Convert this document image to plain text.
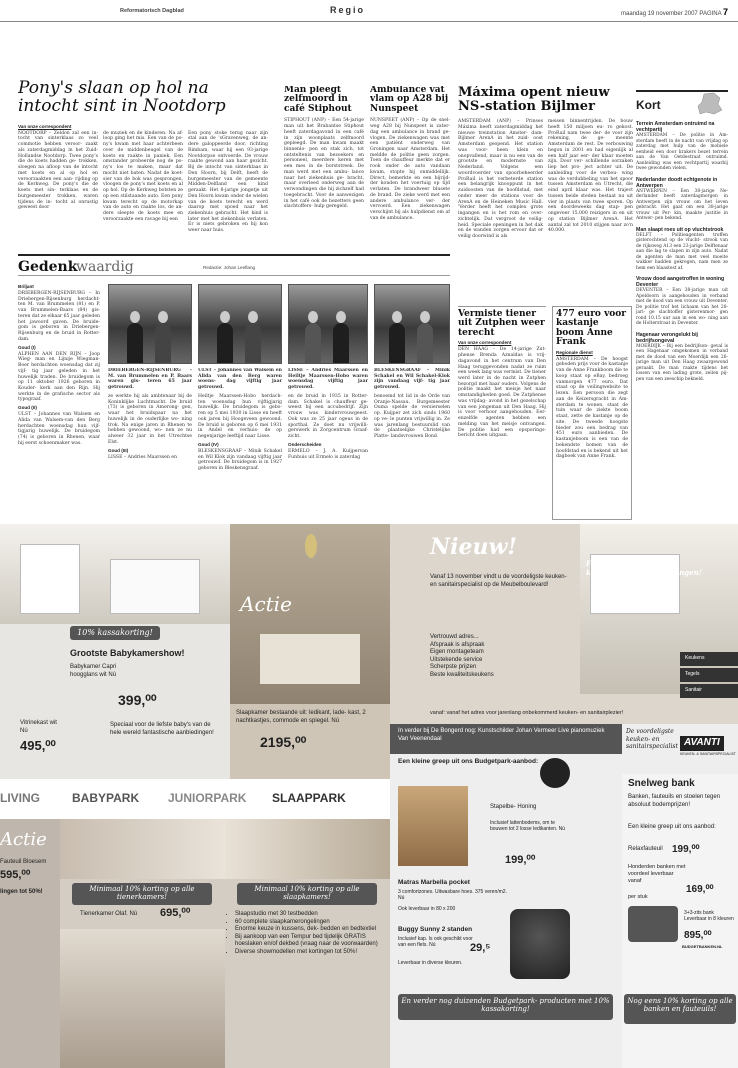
Reformatorisch Dagblad	Regio	maandag 19 november 2007 PAGINA 7
Pony's slaan op hol na intocht sint in Nootdorp
Van onze correspondent

NOOTDORP – Zeldon zal een in- tocht van sinterklaas zo veel commotie hebben veroor- zaakt als zaterdagmiddag in het Zuid-Hollandse Nootdorp. Twee pony's die de koets hadden ge- trokken, sloegen na afloop van de intocht met koets en al op hol en veroorzaakten een aan- rijding op de Kerkweg. De pony's die de koets met sin- terklaas en de burgemeester trokken, waren tijdens de in- tocht al onrustig geweest door

de muziek en de kinderen. Na af- loop ging het mis. Een van de po- ny's kwam met haar achterbeen over de middenbeugel van de koets en raakte in paniek. Een omstander probeerde nog de po- ny's los te maken, maar dat mocht niet baten. Nadat de koet- sier van de bok was gesprongen, vloogen de pony's met koets en al op hol. Op de Kerkweg botsten ze op een stilstaande auto. Een pony kwam terecht op de motorkap van de auto en raakte los, de an- dere sleepte de koets mee en veroorzaakte een ravage bij een

Een pony stoke terug naar zijn stal aan de 'sGravenweg, de an- dere galoppeerde door, richting Rimbam, waar hij een 93-jarige Nootdorpse ontvoerde. De vrouw raakte gewond aan haar gezicht. Bij de intocht van sinterklaas in Den Hoorn, bij Delft, heeft de burgemeester van de gemeente Midden-Delfland een kind geraakt. Het 8-jarige jongetje uit Den Hoorn kwam onder de wielen van de koets terecht en werd daarop met spoed naar het ziekenhuis gebracht. Het kind is later met het ziekenhuis verlaten. Er is niets gebroken en hij kon weer naar huis.

Man pleegt zelfmoord in café Stiphout

STIPHOUT (ANP) – Een 54-jarige man uit het Brabantse Stiphout heeft zaterdagavond in een café in zijn woonplaats zelfmoord gepleegd. De man kwam maakt binnenlo- pen en stak zich, tot ontsteltenis van bezoekers en personeel, meerdere keren met een mes in de borststreek. De man werd met een ambu- lance naar het ziekenhuis ge- bracht, maar overleed onderweg aan de verwondingen die hij zichzelf had toegebracht. Voor de aanwezigen in het café ook de bezetters geen slachtoffers- hulp geregeld.

Ambulance vat vlam op A28 bij Nunspeet

NUNSPEET (ANP) – Op de snel- weg A28 bij Nunspeet is zater- dag een ambulance in brand ge- vlogen. De ziekenwagen was met een patiënt onderweg van Groningen naar Amsterdam. Het meldde de politie geen zorgen. Toen de chauffeur merkte dat er rook onder de auto vandaan kwam, stopte hij onmiddellijk. Direct, bemerkte en een bijrijd- der konden het voertuig op tijd verlaten. De brandweer blusete de brand. De zieke werd met een andere ambulance ver- der vervoerd. Een ziekenwagen verschijnt bij als hulpdienst om af van de ambulance.

Máxima opent nieuw NS-station Bijlmer

AMSTERDAM (ANP) – Prinses Máxima heeft zaterdagmiddag het nieuwe treinstation Amster- dam-Bijlmer ArenA in het zuid- oost Amsterdam geopend. Het station was voor- heen klein en onopvallend, maar is nu een van de grootste en modernste van Nederland. Volgens een woordvoerder van spoorbeheerder ProRail is het verbeterde station een belangrijk knooppunt in het zuidoosten van de hoofdstad, met onder meer de stations voor de ArenA en de Heineken Music Hall. 'Verder heeft het complex grote ingangen en is het rom en over- zichtelijk. Dat vergroot de veilig- heid. Speciale openingen in het dak en de wanden zorgen ervoor dat er veilig doorwind is als

meisen binnentrijden. De bouw heeft 150 miljoen eu- ro gekost. ProRail nam twee der- de voor zijn rekening, de ge- meente Amsterdam de rest. De verbouwing begon in 2001 en had eigenlijk al een half jaar eer- der klaar moeten zijn. Door ver- schillende oorzaken liep het pro- ject achter uit. De aanleiding voor de verbou- wing was de verdubbeling van het spoor tussen Amsterdam en Utrecht, die eind april klaar was. Het traject tussen beide steden bestaat nu uit vier in plaats van twee sporen. Op een doordeweeks dag stap- pen ongeveer 15.000 reizigers in en uit op station Bijlmer ArenA. Het aantal zal tot 2010 stijgen naar zo'n 40.000.

Gedenk
waardig	Redactie: Johan Leeflang
Briljant

DRIEBERGEN-RIJSENBURG – In Driebergen-Rijsenburg herdacht- ten M. van Brummelen (81) en P. van Brummelen-Baars (84) gis- teren dat ze elkaar 65 jaar geleden het jawoord gaven. De bruide- gom is geboren in Driebergen- Rijsenburg en de bruid in Rotter- dam.

Goud (I)

ALPHEN AAN DEN RIJN – Joop Wieg- man en Lijnije Wiegman-Boer herdachten woensdag dat zij vijf- tig jaar geleden in het huwelijk traden. De bruidegom is op 11 oktober 1926 geboren in Kouder- kerk aan den Rijn. Hij werkte in de grafische sector als typograaf.

Goud (II)

ULST – Johannes van Walsem en Alida van Walsem-van den Berg herdachten woensdag hun vijf- tigjarig huwelijk. De bruidegom (74) is geboren in Rhenen, waar hij eerst schoenmaker was.

DRIEBERGEN-RIJSENBURG – M. van Brummelen en P. Baars waren gis- teren 65 jaar getrouwd.

ze werkte hij als ambtenaar bij de Koninklijke Luchtmacht. De bruid (73) is geboren in Amerong- gen, waar het bruidspaar na het huwelijk in de ouderlijke wo- ning trok. Na enige jaren in Rhenen te hebben gewoond, wo- nen ze nu alweer 32 jaar in het Utrechtse Elst.

Goud (III)

LISSE – Andries Maarssen en

ULST – Johannes van Walsem en Alida van den Berg waren woens- dag vijftig jaar getrouwd.

Heiltje Maarssen-Hobo herdach- ten woensdag hun vijftigjarig huwelijk. De bruidegom is gebo- ren op 5 mei 1930 in Lisse en heeft ook jaren bij Hoogeveen gewoond. De bruid is geboren op 6 mei 1931 in Andel en verhuis- de op negenjarige leeftijd naar Lisse.

Goud (IV)

BLESKENSGRAAF – Minik Schakel en Wil Klok zijn vandaag vijftig jaar getrouwd. De bruidegom is in 1927 geboren in Bleskensgraaf.

LISSE – Andries Maarssen en Heiltje Maarssen-Hobo waren woensdag vijftig jaar getrouwd.

en de bruid in 1935 in Rotter- dam. Schakel is chauffeur ge- weest bij een accubedrijf. Zijn vrouw was kindervrouwgeest. Ook was ze 25 jaar ogeus in de sporthal. Ze doet nu vrijwilli- gerswerk in Zorgcentrum Graaf- zicht.

Onderscheiden

ERMELO – J. A. Kuijpervan Funhuis uit Ermelo is zaterdag

BLESKENSGRAAF – Minik Schakel en Wil Schakel-Klok zijn vandaag vijf- tig jaar getrouwd.

benoemd tot lid in de Orde van Oranje-Nassau. Burgemeester Ouma spelde de versierselen op. Kuijper zet zich sinds 1960 op ve- le punten vrijwillig in. Ze was jarenlang bestuurslid van de plaatselijke Christelijke Platte- landsvrouwen Bond.

Vermiste tiener uit Zutphen weer terecht
Van onze correspondent

DEN HAAG – De 14-jarige Zut- phense Brenda Aznaldas is vrij- dagavond in het centrum van Den Haag teruggevonden nadat ze ruim een week lang was vermist. De tiener werd later in de nacht in Zutphen bezorgd met haar ouders. Volgens de politie maakt het meisje het naar omstandigheden goed. De Zutphense was vrijdag- avond in het gezelschap van een jongeman uit Den Haag. Hij is voor verhoor aangehouden. Eer- enzelfde agenten hebben een melding van het meisje ontvangen. De politie had een opsporings- bericht doen uitgaan.

477 euro voor kastanje boom Anne Frank
Regionale dienst

AMSTERDAM – De hoogst geboden prijs voor de kastanje van de Anne Frankboom die te koop staat op eBay, bedroeg vanmorgen 477 euro. Dat staat op de veilingwebsite te lezen. Een persoon die zegt aan de Keizersgracht in Am- sterdam te wonen, staat de tuin waar de ziekte boom staat, zette de kastanje op de site. De tweede hoogste bieder zou een bedrag van 451 euro aanbieden. De kastanjeboom is een van de bekendste bomen van de hoofdstad en is bekend uit het dagboek van Anne Frank.

Kort
Terrein Amsterdam ontruimd na vechtpartij

AMSTERDAM – De politie in Am- sterdam heeft in de nacht van vrijdag op zaterdag met hulp van de mobiele eenheid een door krakers bezet terrein aan de Van Oetdestraat ontruimd. Aanleiding was een vechtpartij waarbij twee gewonden vielen.

Nederlander doodt echtgenote in Antwerpen

ANTWERPEN – Een 38-jarige Ne- derlander heeft zaterdagmorgen in Antwerpen zijn vrouw om het leven gebracht. Het gaat om een 38-jarige vrouw uit Per- kin, maakte justitie in Antwer- pen bekend.

Man slaapt roes uit op vluchtstrook

DELFT – Politieagenten troffen gisterochtend op de vlucht- strook van de rijksweg A13 een 23-jarige Delftenaar aan die lag te slapen in zijn auto. Nadat de agenten de man met veel moeite wakker hadden gekregen, nam men ze hem een blaastest af.

Vrouw dood aangetroffen in woning Deventer

DEVENTER – Een 38-jarige man uit Apeldoorn is aangehouden in verband met de dood van een vrouw uit Deventer. De politie trof het lichaam van het 28-jari- ge slachtoffer gisterenmor- gen rond 10.15 uur aan in een wo- ning aan de Holterstraat in Deventer.

Hagenaar verongelukt bij bedrijfsongeval

MOERDIJK – Bij een bedrijfson- geval is een Hagenaar omgekomen in verband met de dood van een Moerdijk een 26-jarige man uit Den Haag zwaargewond geraakt. De man raakte tijdens het lossen van een lading grote, zeilen pij- pen van een zeeschip bekneld.

10% kassakorting!
Grootste Babykamershow!
Babykamer Capri hoogglans wit Nú
399,⁰⁰
Vitrinekast wit Nú
495,⁰⁰
Speciaal voor de liefste baby's van de hele wereld fantastische aanbiedingen!
Actie
Slaapkamer bestaande uit: ledikant, lade- kast, 2 nachtkastjes, commode en spiegel. Nú
2195,⁰⁰
Nieuw!
Vanaf 13 november vindt u de voordeligste keuken- en sanitairspecialist op de Meubelboulevard!
Vertrouwd adres...
Afspraak is afspraak
Eigen montageteam
Uitstekende service
Scherpste prijzen
Beste kwaliteitskeukens
Fantastische kennismakingsaanbiedingen!
Keukens
Tegels
Sanitair
vanaf: vanaf het adres voor jarenlang onbekommerd keuken- en sanitairplezier!
In verder bij De Bongerd nog: Kunstschilder Johan Vermeer Live pianomuziek Van Veenendaal
De voordeligste keuken- en sanitairspecialist AVANTI
KEUKEN- & SANITAIRSPECIALIST
LIVING	BABYPARK JUNIORPARK SLAAPPARK
Actie
Fauteuil Bloesem
595,⁰⁰
lingen tot 50%!	Minimaal 10% korting op alle tienerkamers!
Tienerkamer Olaf. Nú 695,⁰⁰
Minimaal 10% korting op alle slaapkamers!
• Slaapstudio met 30 testbedden
• 60 complete slaapkamerongelingen
• Enorme keuze in kussens, dek- bedden en bedtextiel
• Bij aankoop van een Tempur bed tijdelijk GRATIS hoeslaken en/of dekbed (vraag naar de voorwaarden)
• Diverse showmodellen met kortingen tot 50%!
Een kleine greep uit ons Budgetpark-aanbod:
Stapelbe- Honing
Inclusief lattenbodems, om te bouwen tot 2 losse ledikanten. Nú
199,⁰⁰
Matras Marbella pocket
3 comfortzones. Uitwasbare hoes. 375 veren/m2. Nú
Ook leverbaar in 80 x 200
Buggy Sunny 2 standen
Inclusief kap. Is ook geschikt voor van een flets. Nú	29,⁵
Leverbaar in diverse kleuren.
En verder nog duizenden Budgetpark- producten met 10% kassakorting!
Snelweg bank
Banken, fauteuils en stoelen tegen absoluut bodemprijzen!
Een kleine greep uit ons aanbod:
Relaxfauteuil 199,⁰⁰
Honderden banken met voordeel leverbaar vanaf
169,⁰⁰
per stuk
3+3-zits bank Leverbaar in 8 kleuren
895,⁰⁰
BUDGETBANKEN.NL
Nog eens 10% korting op alle banken en fauteuils!
